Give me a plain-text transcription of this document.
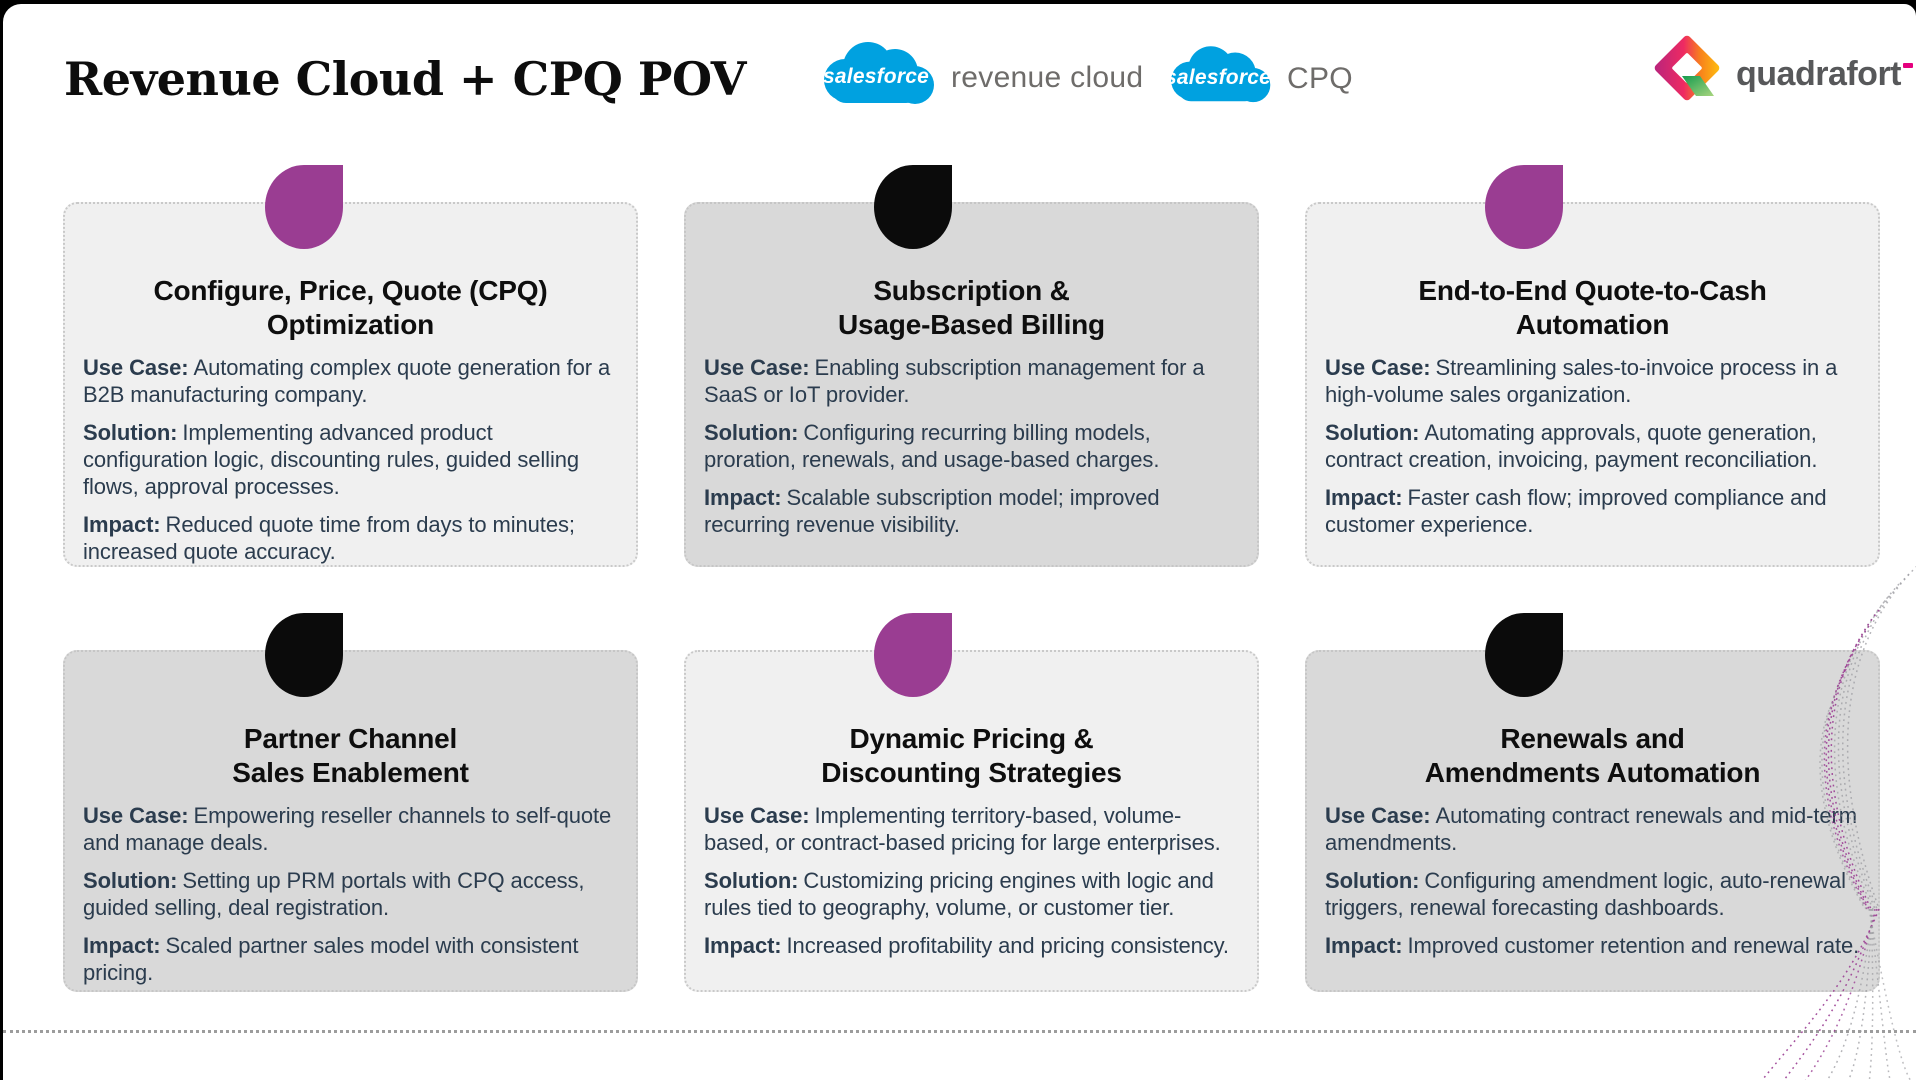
Revenue Cloud + CPQ POV	salesforce revenue cloud salesforce CPQ	quadrafort
Configure, Price, Quote (CPQ)
Optimization

Use Case: Automating complex quote generation for a B2B manufacturing company.

Solution: Implementing advanced product configuration logic, discounting rules, guided selling flows, approval processes.

Impact: Reduced quote time from days to minutes; increased quote accuracy.

Subscription &
Usage-Based Billing

Use Case: Enabling subscription management for a SaaS or IoT provider.

Solution: Configuring recurring billing models, proration, renewals, and usage-based charges.

Impact: Scalable subscription model; improved recurring revenue visibility.

End-to-End Quote-to-Cash
Automation

Use Case: Streamlining sales-to-invoice process in a high-volume sales organization.

Solution: Automating approvals, quote generation, contract creation, invoicing, payment reconciliation.

Impact: Faster cash flow; improved compliance and customer experience.

Partner Channel
Sales Enablement

Use Case: Empowering reseller channels to self-quote and manage deals.

Solution: Setting up PRM portals with CPQ access, guided selling, deal registration.

Impact: Scaled partner sales model with consistent pricing.

Dynamic Pricing &
Discounting Strategies

Use Case: Implementing territory-based, volume-based, or contract-based pricing for large enterprises.

Solution: Customizing pricing engines with logic and rules tied to geography, volume, or customer tier.

Impact: Increased profitability and pricing consistency.

Renewals and
Amendments Automation

Use Case: Automating contract renewals and mid-term amendments.

Solution: Configuring amendment logic, auto-renewal triggers, renewal forecasting dashboards.

Impact: Improved customer retention and renewal rate.
